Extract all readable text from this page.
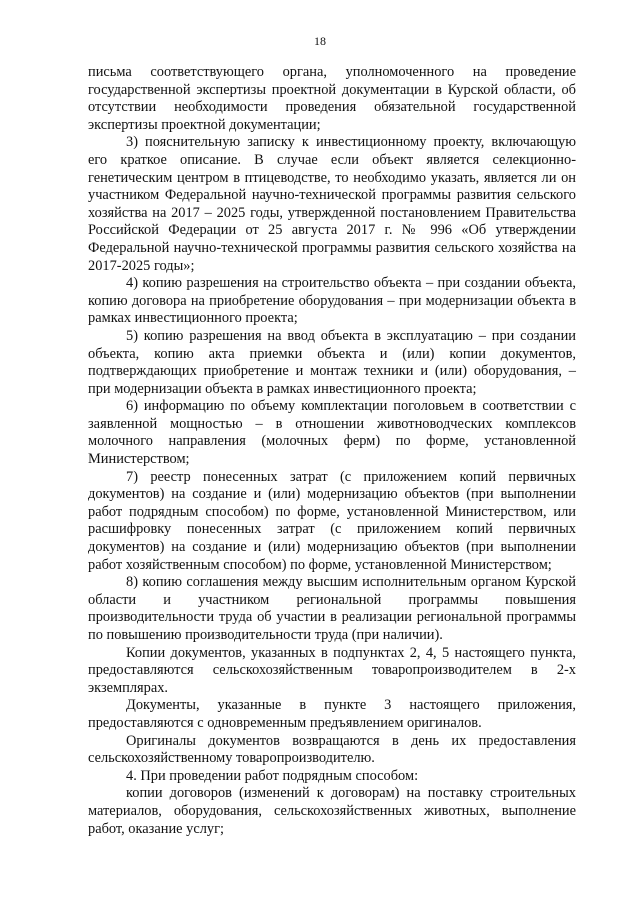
18

письма соответствующего органа, уполномоченного на проведение государственной экспертизы проектной документации в Курской области, об отсутствии необходимости проведения обязательной государственной экспертизы проектной документации;

3) пояснительную записку к инвестиционному проекту, включающую его краткое описание. В случае если объект является селекционно-генетическим центром в птицеводстве, то необходимо указать, является ли он участником Федеральной научно-технической программы развития сельского хозяйства на 2017 – 2025 годы, утвержденной постановлением Правительства Российской Федерации от 25 августа 2017 г. № 996 «Об утверждении Федеральной научно-технической программы развития сельского хозяйства на 2017-2025 годы»;

4) копию разрешения на строительство объекта – при создании объекта, копию договора на приобретение оборудования – при модернизации объекта в рамках инвестиционного проекта;

5) копию разрешения на ввод объекта в эксплуатацию – при создании объекта, копию акта приемки объекта и (или) копии документов, подтверждающих приобретение и монтаж техники и (или) оборудования, – при модернизации объекта в рамках инвестиционного проекта;

6) информацию по объему комплектации поголовьем в соответствии с заявленной мощностью – в отношении животноводческих комплексов молочного направления (молочных ферм) по форме, установленной Министерством;

7) реестр понесенных затрат (с приложением копий первичных документов) на создание и (или) модернизацию объектов (при выполнении работ подрядным способом) по форме, установленной Министерством, или расшифровку понесенных затрат (с приложением копий первичных документов) на создание и (или) модернизацию объектов (при выполнении работ хозяйственным способом) по форме, установленной Министерством;

8) копию соглашения между высшим исполнительным органом Курской области и участником региональной программы повышения производительности труда об участии в реализации региональной программы по повышению производительности труда (при наличии).

Копии документов, указанных в подпунктах 2, 4, 5 настоящего пункта, предоставляются сельскохозяйственным товаропроизводителем в 2-х экземплярах.

Документы, указанные в пункте 3 настоящего приложения, предоставляются с одновременным предъявлением оригиналов.

Оригиналы документов возвращаются в день их предоставления сельскохозяйственному товаропроизводителю.

4. При проведении работ подрядным способом:

копии договоров (изменений к договорам) на поставку строительных материалов, оборудования, сельскохозяйственных животных, выполнение работ, оказание услуг;
